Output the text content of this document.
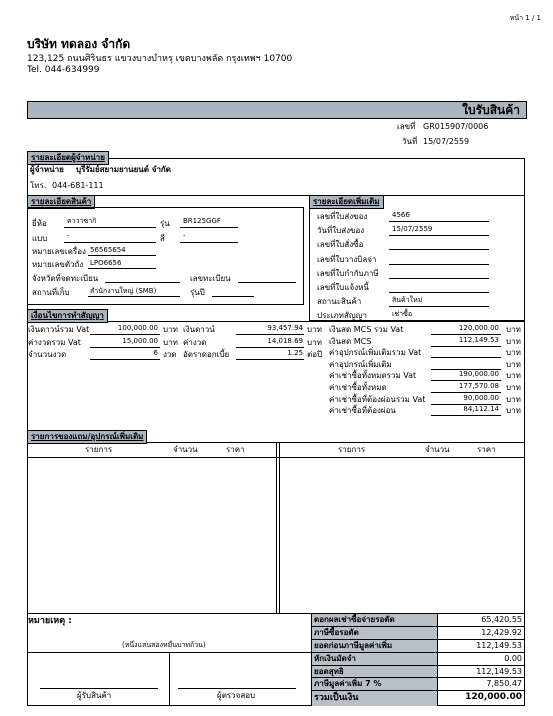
หน้า 1 / 1
บริษัท ทดลอง จำกัด
123,125 ถนนศิรินธร แขวงบางบำหรุ เขตบางพลัด กรุงเทพฯ 10700
Tel. 044-634999
ใบรับสินค้า
เลขที่ GR015907/0006
วันที่ 15/07/2559
รายละเอียดผู้จำหน่าย
ผู้จำหน่าย บุรีรัมย์สยามยานยนต์ จำกัด
โทร. 044-681-111
รายละเอียดสินค้า
ยี่ห้อ	คาวาซากิ	รุ่น BR125GGF
แบบ	-	สี	-
หมายเลขเครื่อง 56565654
หมายเลขตัวถัง LPO6656
จังหวัดที่จดทะเบียน	เลขทะเบียน
สถานที่เก็บ	สำนักงานใหญ่ (SMB)	รุ่นปี
รายละเอียดเพิ่มเติม
เลขที่ใบส่งของ	4566
วันที่ใบส่งของ	15/07/2559
เลขที่ใบสั่งซื้อ
เลขที่ใบวางบิลจ่า
เลขที่ใบกำกับภาษี
เลขที่ใบแจ้งหนี้
สถานะสินค้า	สินค้าใหม่
ประเภทสัญญา	เช่าซื้อ
เงื่อนไขการทำสัญญา
เงินดาวน์รวม Vat	100,000.00 บาท
ค่างวดรวม Vat	15,000.00 บาท
จำนวนงวด	6 งวด
เงินดาวน์	93,457.94 บาท
ค่างวด	14,018.69 บาท
อัตราดอกเบี้ย	1.25 ต่อปี
เงินสด MCS รวม Vat	120,000.00 บาท
เงินสด MCS	112,149.53 บาท
ค่าอุปกรณ์เพิ่มเติมรวม Vat	บาท
ค่าอุปกรณ์เพิ่มเติม	บาท
ค่าเช่าซื้อทั้งหมดรวม Vat	190,000.00 บาท
ค่าเช่าซื้อทั้งหมด	177,570.08 บาท
ค่าเช่าซื้อที่ต้องผ่อนรวม Vat	90,000.00 บาท
ค่าเช่าซื้อที่ต้องผ่อน	84,112.14 บาท
รายการของแถม/อุปกรณ์เพิ่มเติม
รายการ	จำนวน	ราคา	รายการ	จำนวน	ราคา
หมายเหตุ :
(หนึ่งแสนสองหมื่นบาทถ้วน)
ผู้รับสินค้า	ผู้ตรวจสอบ
ดอกผลเช่าซื้อจ่ายรอตัด	65,420.55
ภาษีซื้อรอตัด	12,429.92
ยอดก่อนภาษีมูลค่าเพิ่ม	112,149.53
หักเงินมัดจำ	0.00
ยอดสุทธิ	112,149.53
ภาษีมูลค่าเพิ่ม 7 %	7,850.47
รวมเป็นเงิน	120,000.00
